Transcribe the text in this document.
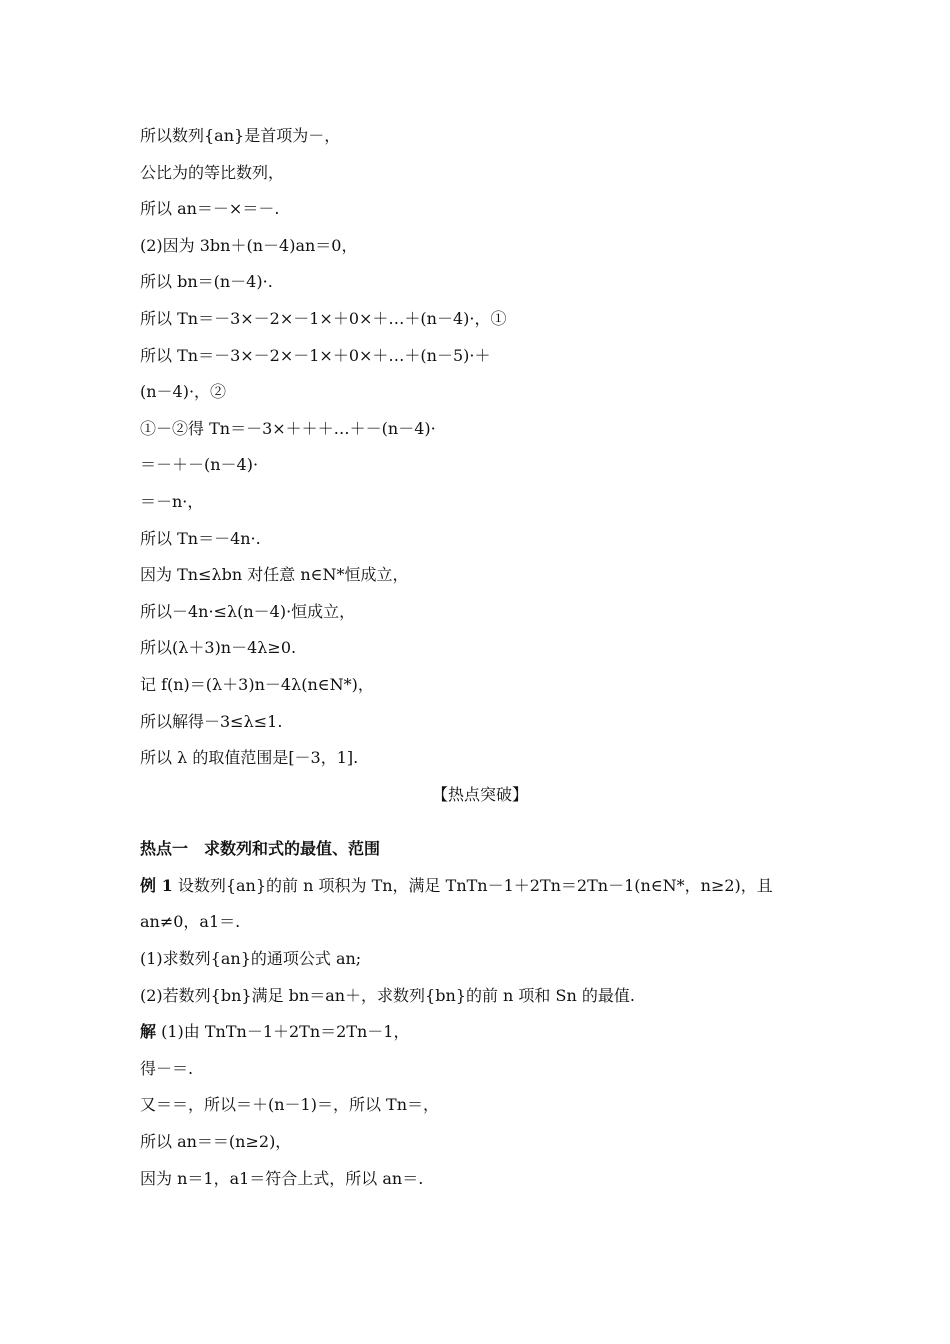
所以数列{an}是首项为－，
公比为的等比数列，
所以 an＝－×＝－.
(2)因为 3bn＋(n－4)an＝0，
所以 bn＝(n－4)·.
所以 Tn＝－3×－2×－1×＋0×＋…＋(n－4)·，①
所以 Tn＝－3×－2×－1×＋0×＋…＋(n－5)·＋
(n－4)·，②
①－②得 Tn＝－3×＋＋＋…＋－(n－4)·
＝－＋－(n－4)·
＝－n·，
所以 Tn＝－4n·.
因为 Tn≤λbn 对任意 n∈N*恒成立，
所以－4n·≤λ(n－4)·恒成立，
所以(λ＋3)n－4λ≥0.
记 f(n)＝(λ＋3)n－4λ(n∈N*)，
所以解得－3≤λ≤1.
所以 λ 的取值范围是[－3，1].
【热点突破】
热点一　求数列和式的最值、范围
例 1 设数列{an}的前 n 项积为 Tn，满足 TnTn－1＋2Tn＝2Tn－1(n∈N*，n≥2)，且
an≠0，a1＝.
(1)求数列{an}的通项公式 an;
(2)若数列{bn}满足 bn＝an＋，求数列{bn}的前 n 项和 Sn 的最值.
解 (1)由 TnTn－1＋2Tn＝2Tn－1，
得－＝.
又＝＝，所以＝＋(n－1)＝，所以 Tn＝，
所以 an＝＝(n≥2)，
因为 n＝1，a1＝符合上式，所以 an＝.
